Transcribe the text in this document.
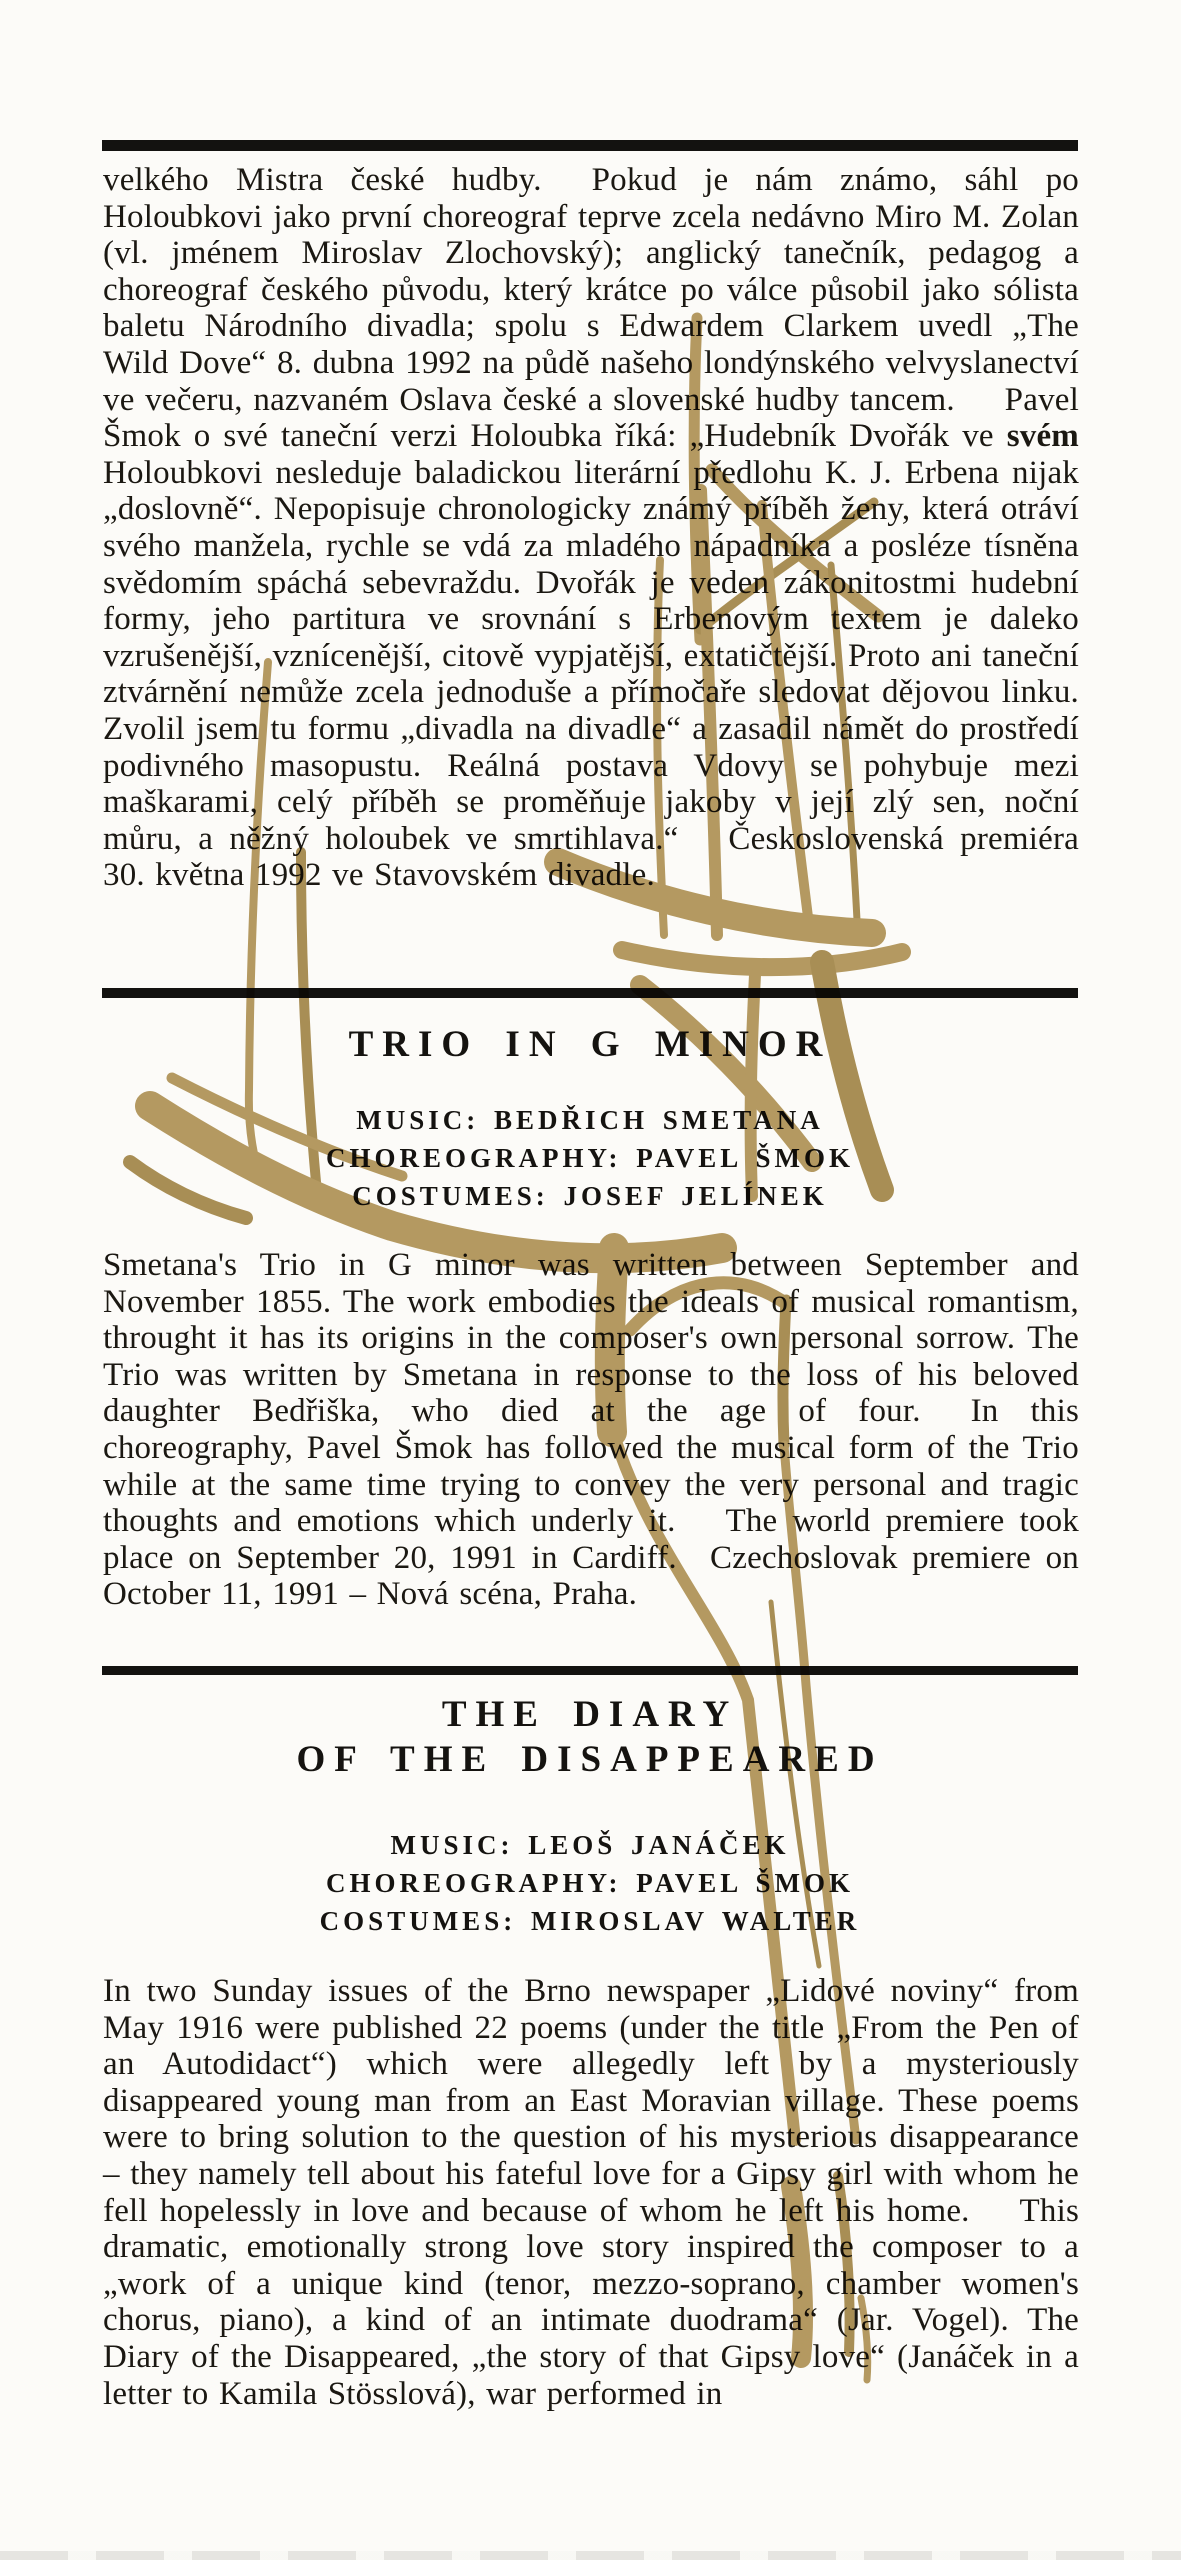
velkého Mistra české hudby.  Pokud je nám známo, sáhl po Holoubkovi jako první choreograf teprve zcela nedávno Miro M. Zolan (vl. jménem Miroslav Zlochovský); anglický tanečník, pedagog a choreograf českého původu, který krátce po válce působil jako sólista baletu Národního divadla; spolu s Edwardem Clarkem uvedl „The Wild Dove“ 8. dubna 1992 na půdě našeho londýnského velvyslanectví ve večeru, nazvaném Oslava české a slovenské hudby tancem.  Pavel Šmok o své taneční verzi Holoubka říká: „Hudebník Dvořák ve svém Holoubkovi nesleduje baladickou literární předlohu K. J. Erbena nijak „doslovně“. Nepopisuje chronologicky známý příběh ženy, která otráví svého manžela, rychle se vdá za mladého nápadníka a posléze tísněna svědomím spáchá sebevraždu. Dvořák je veden zákonitostmi hudební formy, jeho partitura ve srovnání s Erbenovým textem je daleko vzrušenější, vznícenější, citově vypjatější, extatičtější. Proto ani taneční ztvárnění nemůže zcela jednoduše a přímočaře sledovat dějovou linku. Zvolil jsem tu formu „divadla na divadle“ a zasadil námět do prostředí podivného masopustu. Reálná postava Vdovy se pohybuje mezi maškarami, celý příběh se proměňuje jakoby v její zlý sen, noční můru, a něžný holoubek ve smrtihlava.“  Československá premiéra 30. května 1992 ve Stavovském divadle.

TRIO IN G MINOR
MUSIC: BEDŘICH SMETANA
CHOREOGRAPHY: PAVEL ŠMOK
COSTUMES: JOSEF JELÍNEK

Smetana's Trio in G minor was written between September and November 1855. The work embodies the ideals of musical romantism, throught it has its origins in the composer's own personal sorrow. The Trio was written by Smetana in response to the loss of his beloved daughter Bedřiška, who died at the age of four.  In this choreography, Pavel Šmok has followed the musical form of the Trio while at the same time trying to convey the very personal and tragic thoughts and emotions which underly it.  The world premiere took place on September 20, 1991 in Cardiff. Czechoslovak premiere on October 11, 1991 – Nová scéna, Praha.

THE DIARY
OF THE DISAPPEARED
MUSIC: LEOŠ JANÁČEK
CHOREOGRAPHY: PAVEL ŠMOK
COSTUMES: MIROSLAV WALTER

In two Sunday issues of the Brno newspaper „Lidové noviny“ from May 1916 were published 22 poems (under the title „From the Pen of an Autodidact“) which were allegedly left by a mysteriously disappeared young man from an East Moravian village. These poems were to bring solution to the question of his mysterious disappearance – they namely tell about his fateful love for a Gipsy girl with whom he fell hopelessly in love and because of whom he left his home.  This dramatic, emotionally strong love story inspired the composer to a „work of a unique kind (tenor, mezzo-soprano, chamber women's chorus, piano), a kind of an intimate duodrama“ (Jar. Vogel). The Diary of the Disappeared, „the story of that Gipsy love“ (Janáček in a letter to Kamila Stösslová), war performed in
